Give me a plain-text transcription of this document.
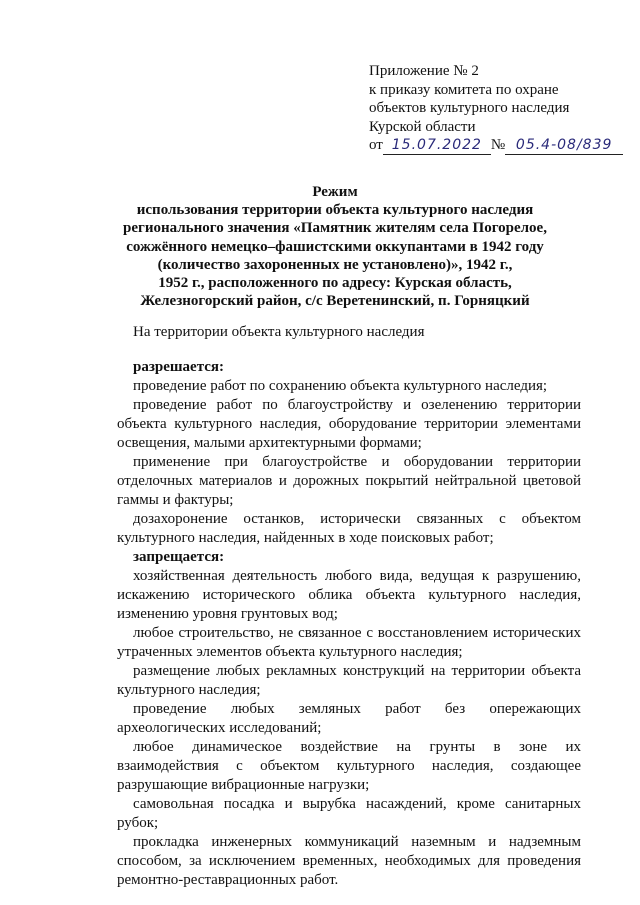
Приложение № 2
к приказу комитета по охране
объектов культурного наследия
Курской области
от 15.07.2022 № 05.4-08/839
Режим
использования территории объекта культурного наследия
регионального значения «Памятник жителям села Погорелое,
сожжённого немецко–фашистскими оккупантами в 1942 году
(количество захороненных не установлено)», 1942 г.,
1952 г., расположенного по адресу: Курская область,
Железногорский район, с/с Веретенинский, п. Горняцкий
На территории объекта культурного наследия
разрешается:
проведение работ по сохранению объекта культурного наследия;
проведение работ по благоустройству и озеленению территории объекта культурного наследия, оборудование территории элементами освещения, малыми архитектурными формами;
применение при благоустройстве и оборудовании территории отделочных материалов и дорожных покрытий нейтральной цветовой гаммы и фактуры;
дозахоронение останков, исторически связанных с объектом культурного наследия, найденных в ходе поисковых работ;
запрещается:
хозяйственная деятельность любого вида, ведущая к разрушению, искажению исторического облика объекта культурного наследия, изменению уровня грунтовых вод;
любое строительство, не связанное с восстановлением исторических утраченных элементов объекта культурного наследия;
размещение любых рекламных конструкций на территории объекта культурного наследия;
проведение любых земляных работ без опережающих археологических исследований;
любое динамическое воздействие на грунты в зоне их взаимодействия с объектом культурного наследия, создающее разрушающие вибрационные нагрузки;
самовольная посадка и вырубка насаждений, кроме санитарных рубок;
прокладка инженерных коммуникаций наземным и надземным способом, за исключением временных, необходимых для проведения ремонтно-реставрационных работ.
